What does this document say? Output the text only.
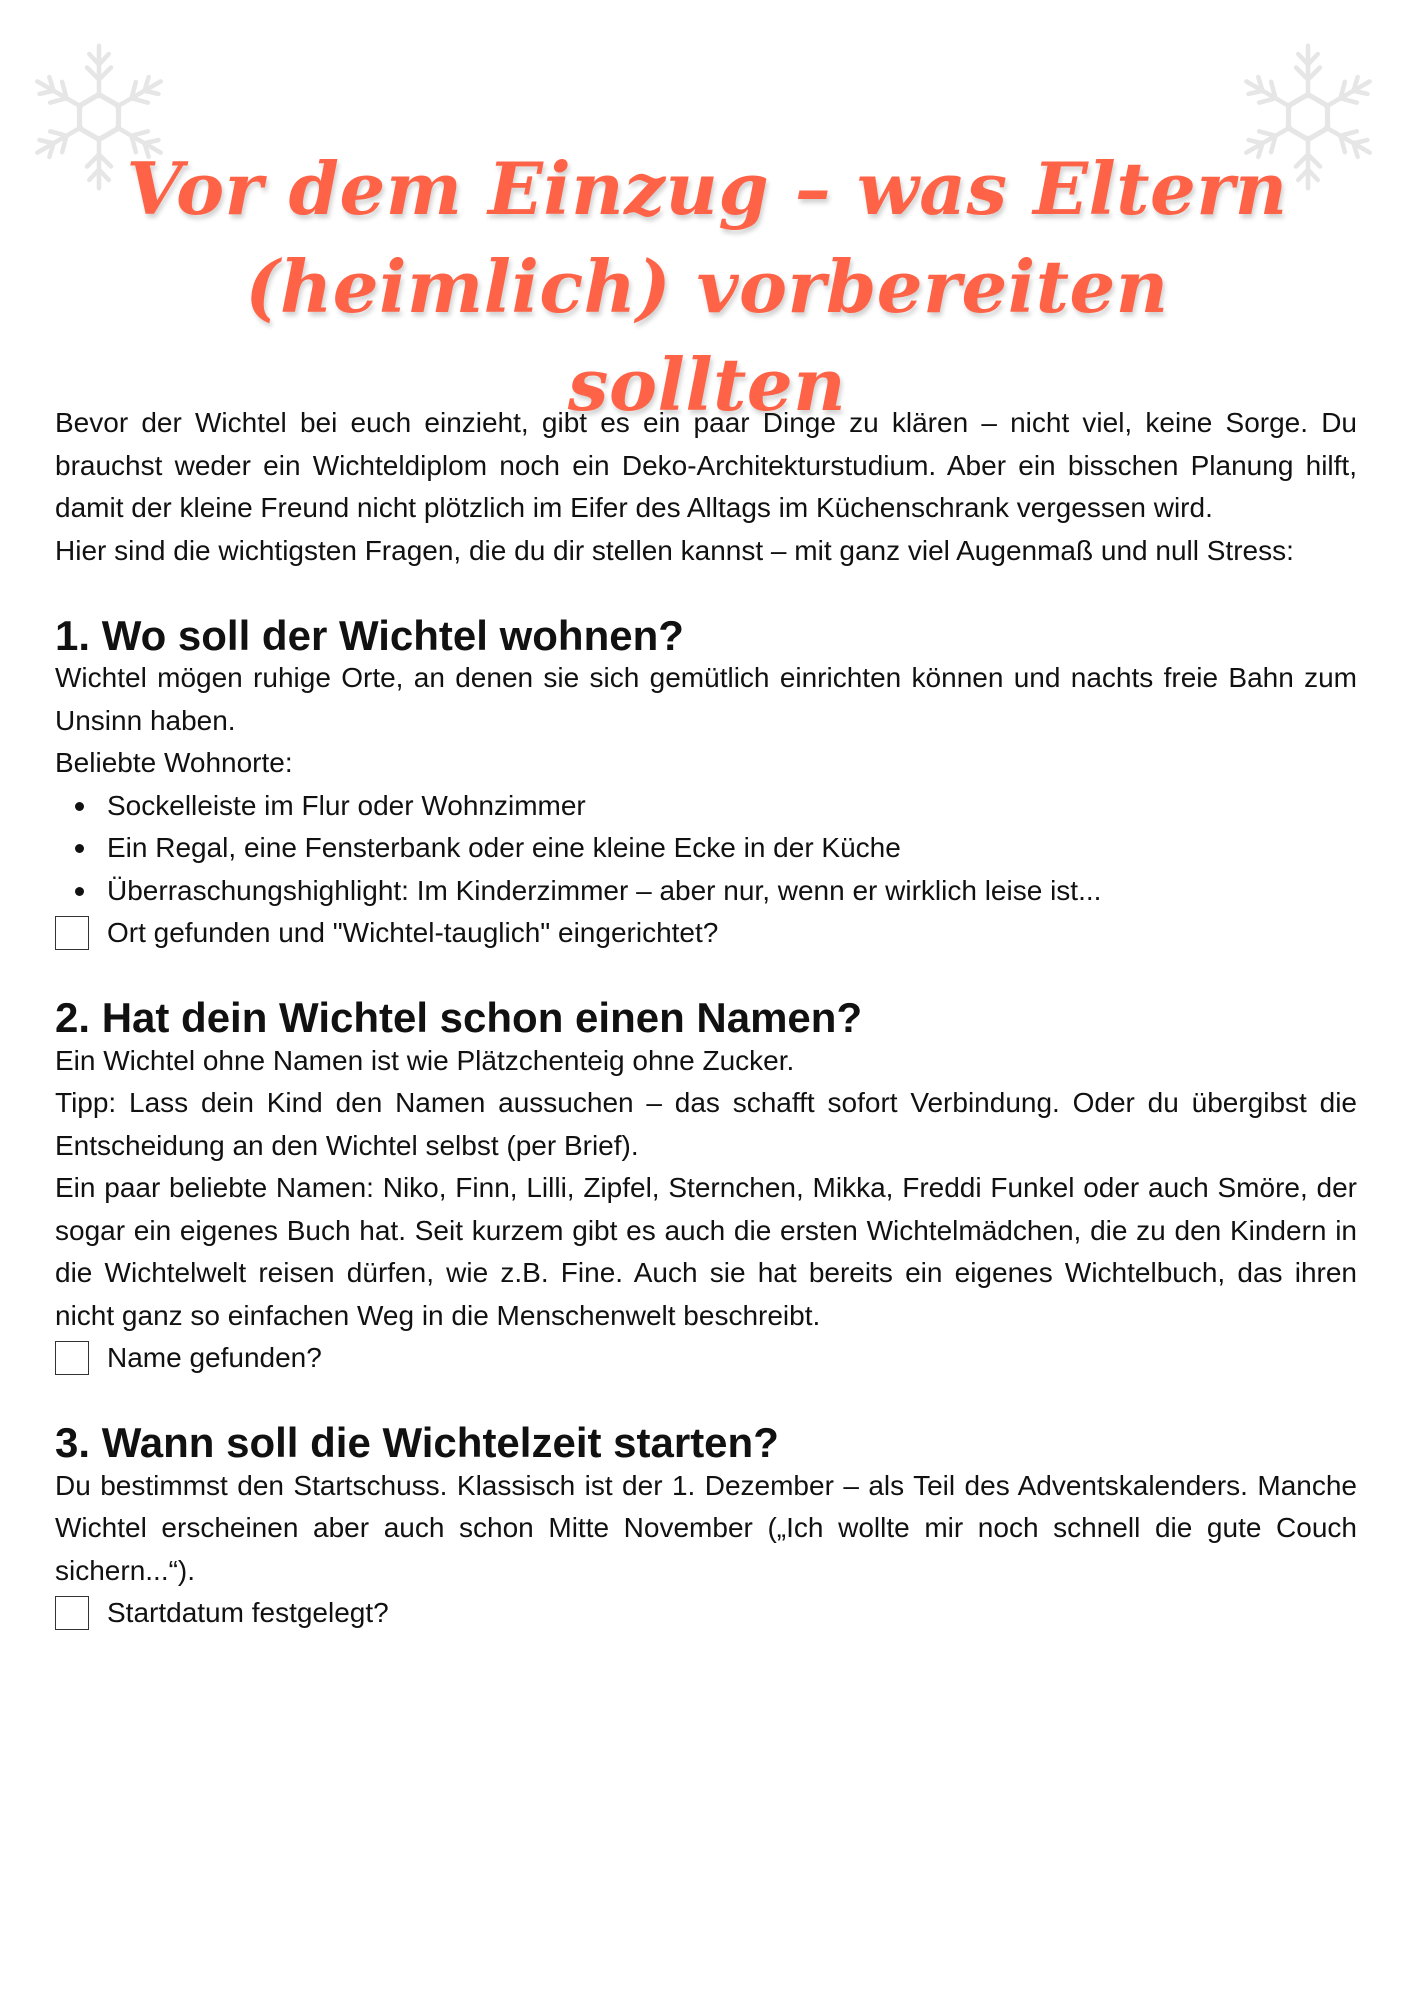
Vor dem Einzug – was Eltern
(heimlich) vorbereiten sollten

Bevor der Wichtel bei euch einzieht, gibt es ein paar Dinge zu klären – nicht viel, keine Sorge. Du brauchst weder ein Wichteldiplom noch ein Deko-Architekturstudium. Aber ein bisschen Planung hilft, damit der kleine Freund nicht plötzlich im Eifer des Alltags im Küchenschrank vergessen wird.

Hier sind die wichtigsten Fragen, die du dir stellen kannst – mit ganz viel Augenmaß und null Stress:

1. Wo soll der Wichtel wohnen?

Wichtel mögen ruhige Orte, an denen sie sich gemütlich einrichten können und nachts freie Bahn zum Unsinn haben.

Beliebte Wohnorte:

Sockelleiste im Flur oder Wohnzimmer
Ein Regal, eine Fensterbank oder eine kleine Ecke in der Küche
Überraschungshighlight: Im Kinderzimmer – aber nur, wenn er wirklich leise ist...
Ort gefunden und "Wichtel-tauglich" eingerichtet?
2. Hat dein Wichtel schon einen Namen?

Ein Wichtel ohne Namen ist wie Plätzchenteig ohne Zucker.

Tipp: Lass dein Kind den Namen aussuchen – das schafft sofort Verbindung. Oder du übergibst die Entscheidung an den Wichtel selbst (per Brief).

Ein paar beliebte Namen: Niko, Finn, Lilli, Zipfel, Sternchen, Mikka, Freddi Funkel oder auch Smöre, der sogar ein eigenes Buch hat. Seit kurzem gibt es auch die ersten Wichtelmädchen, die zu den Kindern in die Wichtelwelt reisen dürfen, wie z.B. Fine. Auch sie hat bereits ein eigenes Wichtelbuch, das ihren nicht ganz so einfachen Weg in die Menschenwelt beschreibt.

Name gefunden?
3. Wann soll die Wichtelzeit starten?

Du bestimmst den Startschuss. Klassisch ist der 1. Dezember – als Teil des Adventskalenders. Manche Wichtel erscheinen aber auch schon Mitte November („Ich wollte mir noch schnell die gute Couch sichern...“).

Startdatum festgelegt?
